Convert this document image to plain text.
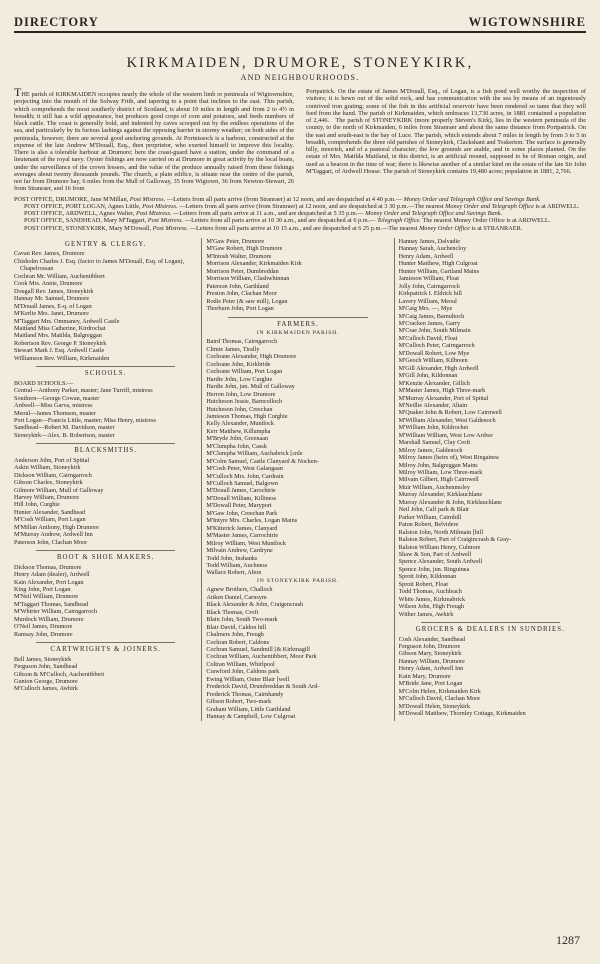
DIRECTORY	WIGTOWNSHIRE
KIRKMAIDEN, DRUMORE, STONEYKIRK,
AND NEIGHBOURHOODS.

THE parish of KIRKMAIDEN occupies nearly the whole of the western limb or peninsula of Wigtownshire, projecting into the mouth of the Solway Frith, and tapering to a point that inclines to the east. This parish, which comprehends the most southerly district of Scotland, is about 10 miles in length and from 2 to 4½ in breadth; it still has a wild appearance, but produces good crops of corn and potatoes, and feeds numbers of black cattle. The coast is generally bold, and indented by caves scooped out by the endless operations of the sea, and particularly by its furious lashings against the opposing barrier in stormy weather; on both sides of the peninsula, however, there are several good anchoring grounds. At Portnissock is a harbour, constructed at the expense of the late Andrew M'Douall, Esq., then proprietor, who exerted himself to improve this locality. There is also a tolerable harbour at Drumore; here the coast-guard have a station, under the command of a lieutenant of the royal navy. Oyster fishings are now carried on at Drumore in great activity by the local boats, under the surveillance of the crown lessees, and the value of the produce annually raised from these fishings averages about twenty thousands pounds. The church, a plain edifice, is situate near the centre of the parish, not far from Drumore bay, 6 miles from the Mull of Galloway, 35 from Wigtown, 36 from Newton-Stewart, 26 from Stranraer, and 16 from

Portpatrick. On the estate of James M'Douall, Esq., of Logan, is a fish pond well worthy the inspection of visitors; it is hewn out of the solid rock, and has communication with the sea by means of an ingeniously contrived iron grating; some of the fish in this artificial reservoir have been rendered so tame that they will feed from the hand. The parish of Kirkmaiden, which embraces 13,730 acres, in 1881 contained a population of 2,446. The parish of STONEYKIRK (more properly Steven's Kirk), lies in the western peninsula of the county, to the north of Kirkmaiden, 6 miles from Stranraer and about the same distance from Portpatrick. On the east and south-east is the bay of Luce. The parish, which extends about 7 miles in length by from 3 to 5 in breadth, comprehends the three old parishes of Stoneykirk, Clackshant and Toskerton. The surface is generally hilly, moorish, and of a pastoral character; the low grounds are arable, and in some places planted. On the estate of Mrs. Matilda Maitland, in this district, is an artificial mound, supposed to be of Roman origin, and used as a beacon in the time of war; there is likewise another of a similar kind on the estate of the late Sir John M'Taggart, of Ardwell House. The parish of Stoneykirk contains 19,480 acres; population in 1881, 2,766.

POST OFFICE, DRUMORE, Jane M'Millan, Post Mistress. —Letters from all parts arrive (from Stranraer) at 12 noon, and are despatched at 4 40 p.m.— Money Order and Telegraph Office and Savings Bank.

POST OFFICE, PORT LOGAN, Agnes Little, Post Mistress. —Letters from all parts arrive (from Stranraer) at 12 noon, and are despatched at 3 30 p.m.—The nearest Money Order and Telegraph Office is at ARDWELL.

POST OFFICE, ARDWELL, Agnes Walter, Post Mistress. —Letters from all parts arrive at 11 a.m., and are despatched at 5 35 p.m.— Money Order and Telegraph Office and Savings Bank.

POST OFFICE, SANDHEAD, Mary M'Taggart, Post Mistress. —Letters from all parts arrive at 10 30 a.m., and are despatched at 6 p.m.— Telegraph Office. The nearest Money Order Office is at ARDWELL.

POST OFFICE, STONEYKIRK, Mary M'Dowall, Post Mistress. —Letters from all parts arrive at 10 15 a.m., and are despatched at 6 25 p.m.—The nearest Money Order Office is at STRANRAER.

GENTRY & CLERGY.
Cavan Rev. James, Drumore
Chisholm Charles J. Esq. (factor to James M'Douall, Esq. of Logan), Chapelrossan
Cochran Mr. William, Auchentibbert
Cook Mrs. Annie, Drumore
Dougall Rev. James, Stoneykirk
Hannay Mr. Samuel, Drumore
M'Douall James, E-q. of Logan
M'Kerlie Mrs. Janet, Drumore
M'Taggart Mrs. Ommaney, Ardwell Castle
Maitland Miss Catherine, Kirdrochat
Maitland Mrs. Matilda, Balgreggan
Robertson Rev. George P. Stoneykirk
Stewart Mark J. Esq. Ardwell Castle
Williamson Rev. William, Kirkmaiden
SCHOOLS.
BOARD SCHOOLS:—
Central—Anthony Parker, master; Jane Turriff, mistress
Southern—George Cowan, master
Ardwell—Miss Garva, mistress
Meoul—James Thomson, master
Port Logan—Francis Little, master; Miss Henry, mistress
Sandhead—Robert M. Davidson, master
Stoneykirk—Alex. B. Robertson, master
BLACKSMITHS.
Anderson John, Port of Spittal
Askin William, Stoneykirk
Dickson William, Cairngarroch
Gibson Charles, Stoneykirk
Gilmore William, Mull of Galloway
Harvey William, Drumore
Hill John, Curghie
Hunter Alexander, Sandhead
M'Cosh William, Port Logan
M'Millan Anthony, High Drumore
M'Murray Andrew, Ardwell Inn
Paterson John, Clachan Moor
BOOT & SHOE MAKERS.
Dickson Thomas, Drumore
Henry Adam (dealer), Ardwell
Kain Alexander, Port Logan
King John, Port Logan
M'Neil William, Drumore
M'Taggart Thomas, Sandhead
M'Whirter William, Cairngarroch
Murdoch William, Drumore
O'Neil James, Drumore
Ramsay John, Drumore
CARTWRIGHTS & JOINERS.
Bell James, Stoneykirk
Ferguson John, Sandhead
Gibson & M'Culloch, Auchentibbert
Gunion George, Drumore
M'Culloch James, Awhirk
M'Gaw Peter, Drumore
M'Gaw Robert, High Drumore
M'Intosh Walter, Drumore
Morrison Alexander, Kirkmaiden Kirk
Morrison Peter, Dumbreddan
Morrison William, Clashwhinnan
Paterson John, Garthland
Preston John, Clachan Moor
Rodie Peter (& saw mill), Logan
Thorburn John, Port Logan
FARMERS.
IN KIRKMAIDEN PARISH.
Baird Thomas, Cairngarroch
Climie James, Tirally
Cochrane Alexander, High Drumore
Cochrane John, Kirkbride
Cochrane William, Port Logan
Hardie John, Low Curghie
Hardie John, jun. Mull of Galloway
Herron John, Low Drumore
Hutcheson Jessie, Barncolloch
Hutcheson John, Creechan
Jamieson Thomas, High Curghie
Kelly Alexander, Muntlock
Kerr Matthew, Killumpha
M'Bryde John, Greenaan
M'Clumpha John, Cassh
M'Clumpha William, Auchabrick [cnle
M'Colm Samuel, Castle Clanyard & Nocken-
M'Cosh Peter, West Galangaan
M'Culloch Mrs. John, Cardrain
M'Culloch Samuel, Balgown
M'Douall James, Carochtrie
M'Douall William, Killiness
M'Dowall Peter, Maryport
M'Gaw John, Creechan Park
M'Intyre Mrs. Charles, Logan Mains
M'Kitterick James, Clanyard
M'Master James, Carrochtrie
Milroy William, West Muntlock
Milvain Andrew, Cardryne
Todd John, Inshanks
Todd William, Auchness
Wallace Robert, Alton
IN STONEYKIRK PARISH.
Agnew Brothers, Challoch
Aitken Daniel, Carnsym
Black Alexander & John, Craigencrash
Black Thomas, Croft
Blain John, South Two-mark
Blair David, Caldon hill
Chalmers John, Freugh
Cochran Robert, Caldons
Cochran Samuel, Sandmill [& Kirkmagill
Cochran William, Auchentibbert, Moor Park
Coltran William, Whirlpool
Crawford John, Caldons park
Ewing William, Outer Blair [well
Frederick David, Drumbreddan & South Ard-
Frederick Thomas, Cairnhandy
Gibson Robert, Two-mark
Graham William, Little Garthland
Hannay & Campbell, Low Culgroat
Hannay James, Dalvadie
Hannay Sarah, Auchencloy
Henry Adam, Ardwell
Hunter Matthew, High Culgroat
Hunter William, Gartland Mains
Jamieson William, Float
Jolly John, Cairngarroch
Kirkpatrick I. Eldrick hill
Lavery William, Meoul
M'Caig Mrs. —, Mye
M'Caig James, Barnultoch
M'Cracken James, Garry
M'Crae John, South Milmain
M'Culloch David, Float
M'Culloch Peter, Cairngarroch
M'Dowall Robert, Low Mye
M'Geoch William, Kilbreen
M'Gill Alexander, High Ardwell
M'Gill John, Kildonnan
M'Kenzie Alexander, Gillich
M'Master James, High Three-mark
M'Murray Alexander, Port of Spittal
M'Neillie Alexander, Altain
M'Quaker John & Robert, Low Cairnwell
M'William Alexander, West Galdenoch
M'William John, Kildrochet
M'William William, West Low Ardwe
Marshall Samuel, Clay Croft
Milroy James, Galdenoch
Milroy James (heirs of), West Ringainea
Milroy John, Balgreggan Mains
Milroy William, Low Three-mark
Milvain Gilbert, High Cairnwell
Muir William, Auchenmoley
Murray Alexander, Kirklauchlane
Murray Alexander & John, Kirklauchlane
Neil John, Calf park & Blair
Parker William, Cairnhill
Paton Robert, Belvidere
Ralston John, North Milmain [hill
Ralston Robert, Part of Craigincrash & Gray-
Ralston William Henry, Culmore
Shaw & Son, Part of Ardwell
Spence Alexander, South Ardwell
Spence John, jun. Ringuinea
Sprott John, Kildonnan
Sprott Robert, Float
Todd Thomas, Auchleach
White James, Kirkmabrick
Wilson John, High Freugh
Wither James, Awhirk
GROCERS & DEALERS IN SUNDRIES.
Cosh Alexander, Sandhead
Ferguson John, Drumore
Gibson Mary, Stoneykirk
Hannay William, Drumore
Henry Adam, Ardwell Inn
Kain Mary, Drumore
M'Bride Jane, Port Logan
M'Colm Helen, Kirkmaiden Kirk
M'Culloch David, Clachan Moor
M'Dowall Helen, Stoneykirk
M'Dowall Matthew, Thornley Cottage, Kirkmaiden
1287
